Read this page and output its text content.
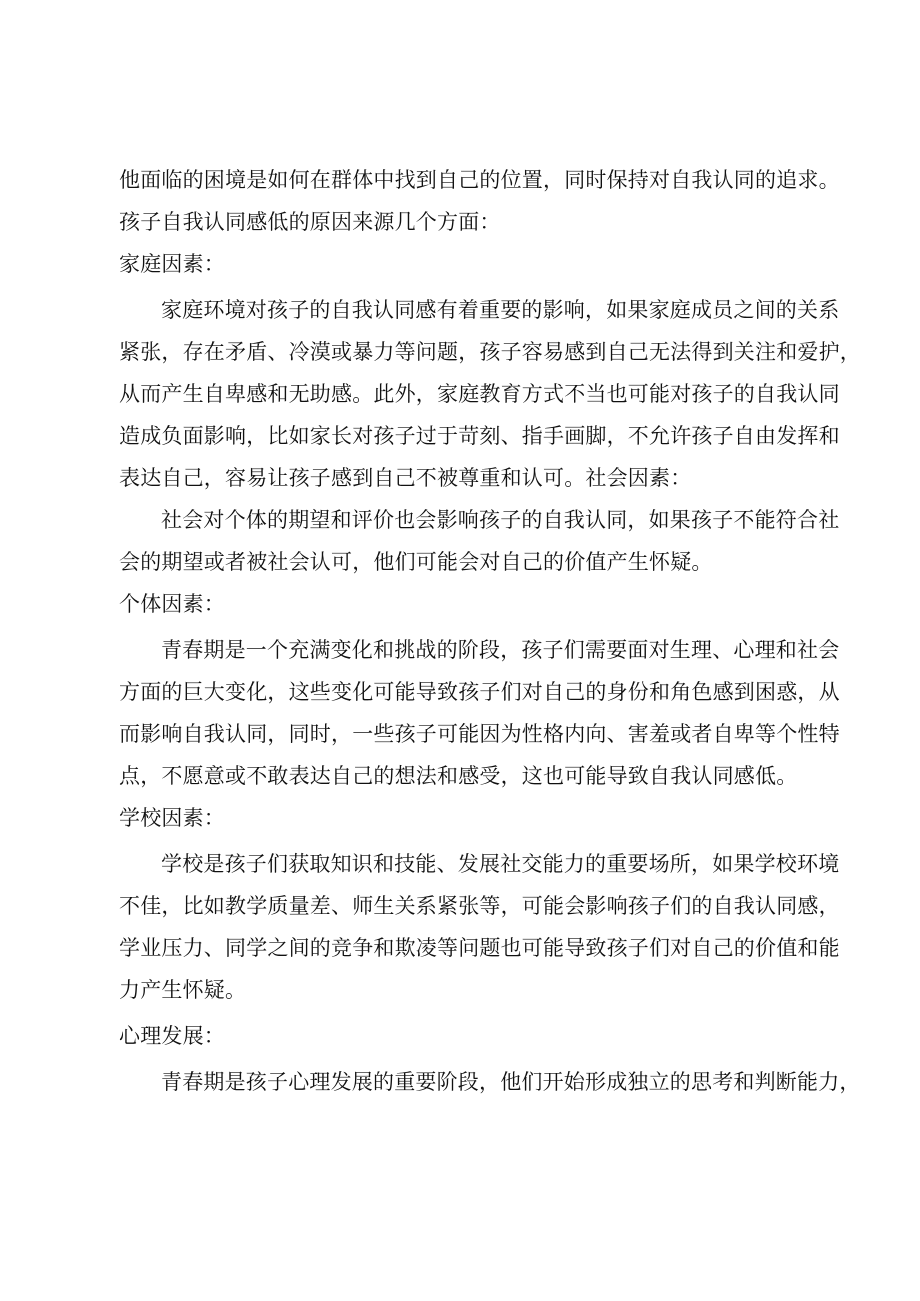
他面临的困境是如何在群体中找到自己的位置，同时保持对自我认同的追求。

孩子自我认同感低的原因来源几个方面：

家庭因素：

家庭环境对孩子的自我认同感有着重要的影响，如果家庭成员之间的关系

紧张，存在矛盾、冷漠或暴力等问题，孩子容易感到自己无法得到关注和爱护，

从而产生自卑感和无助感。此外，家庭教育方式不当也可能对孩子的自我认同

造成负面影响，比如家长对孩子过于苛刻、指手画脚，不允许孩子自由发挥和

表达自己，容易让孩子感到自己不被尊重和认可。社会因素：

社会对个体的期望和评价也会影响孩子的自我认同，如果孩子不能符合社

会的期望或者被社会认可，他们可能会对自己的价值产生怀疑。

个体因素：

青春期是一个充满变化和挑战的阶段，孩子们需要面对生理、心理和社会

方面的巨大变化，这些变化可能导致孩子们对自己的身份和角色感到困惑，从

而影响自我认同，同时，一些孩子可能因为性格内向、害羞或者自卑等个性特

点，不愿意或不敢表达自己的想法和感受，这也可能导致自我认同感低。

学校因素：

学校是孩子们获取知识和技能、发展社交能力的重要场所，如果学校环境

不佳，比如教学质量差、师生关系紧张等，可能会影响孩子们的自我认同感，

学业压力、同学之间的竞争和欺凌等问题也可能导致孩子们对自己的价值和能

力产生怀疑。

心理发展：

青春期是孩子心理发展的重要阶段，他们开始形成独立的思考和判断能力，
